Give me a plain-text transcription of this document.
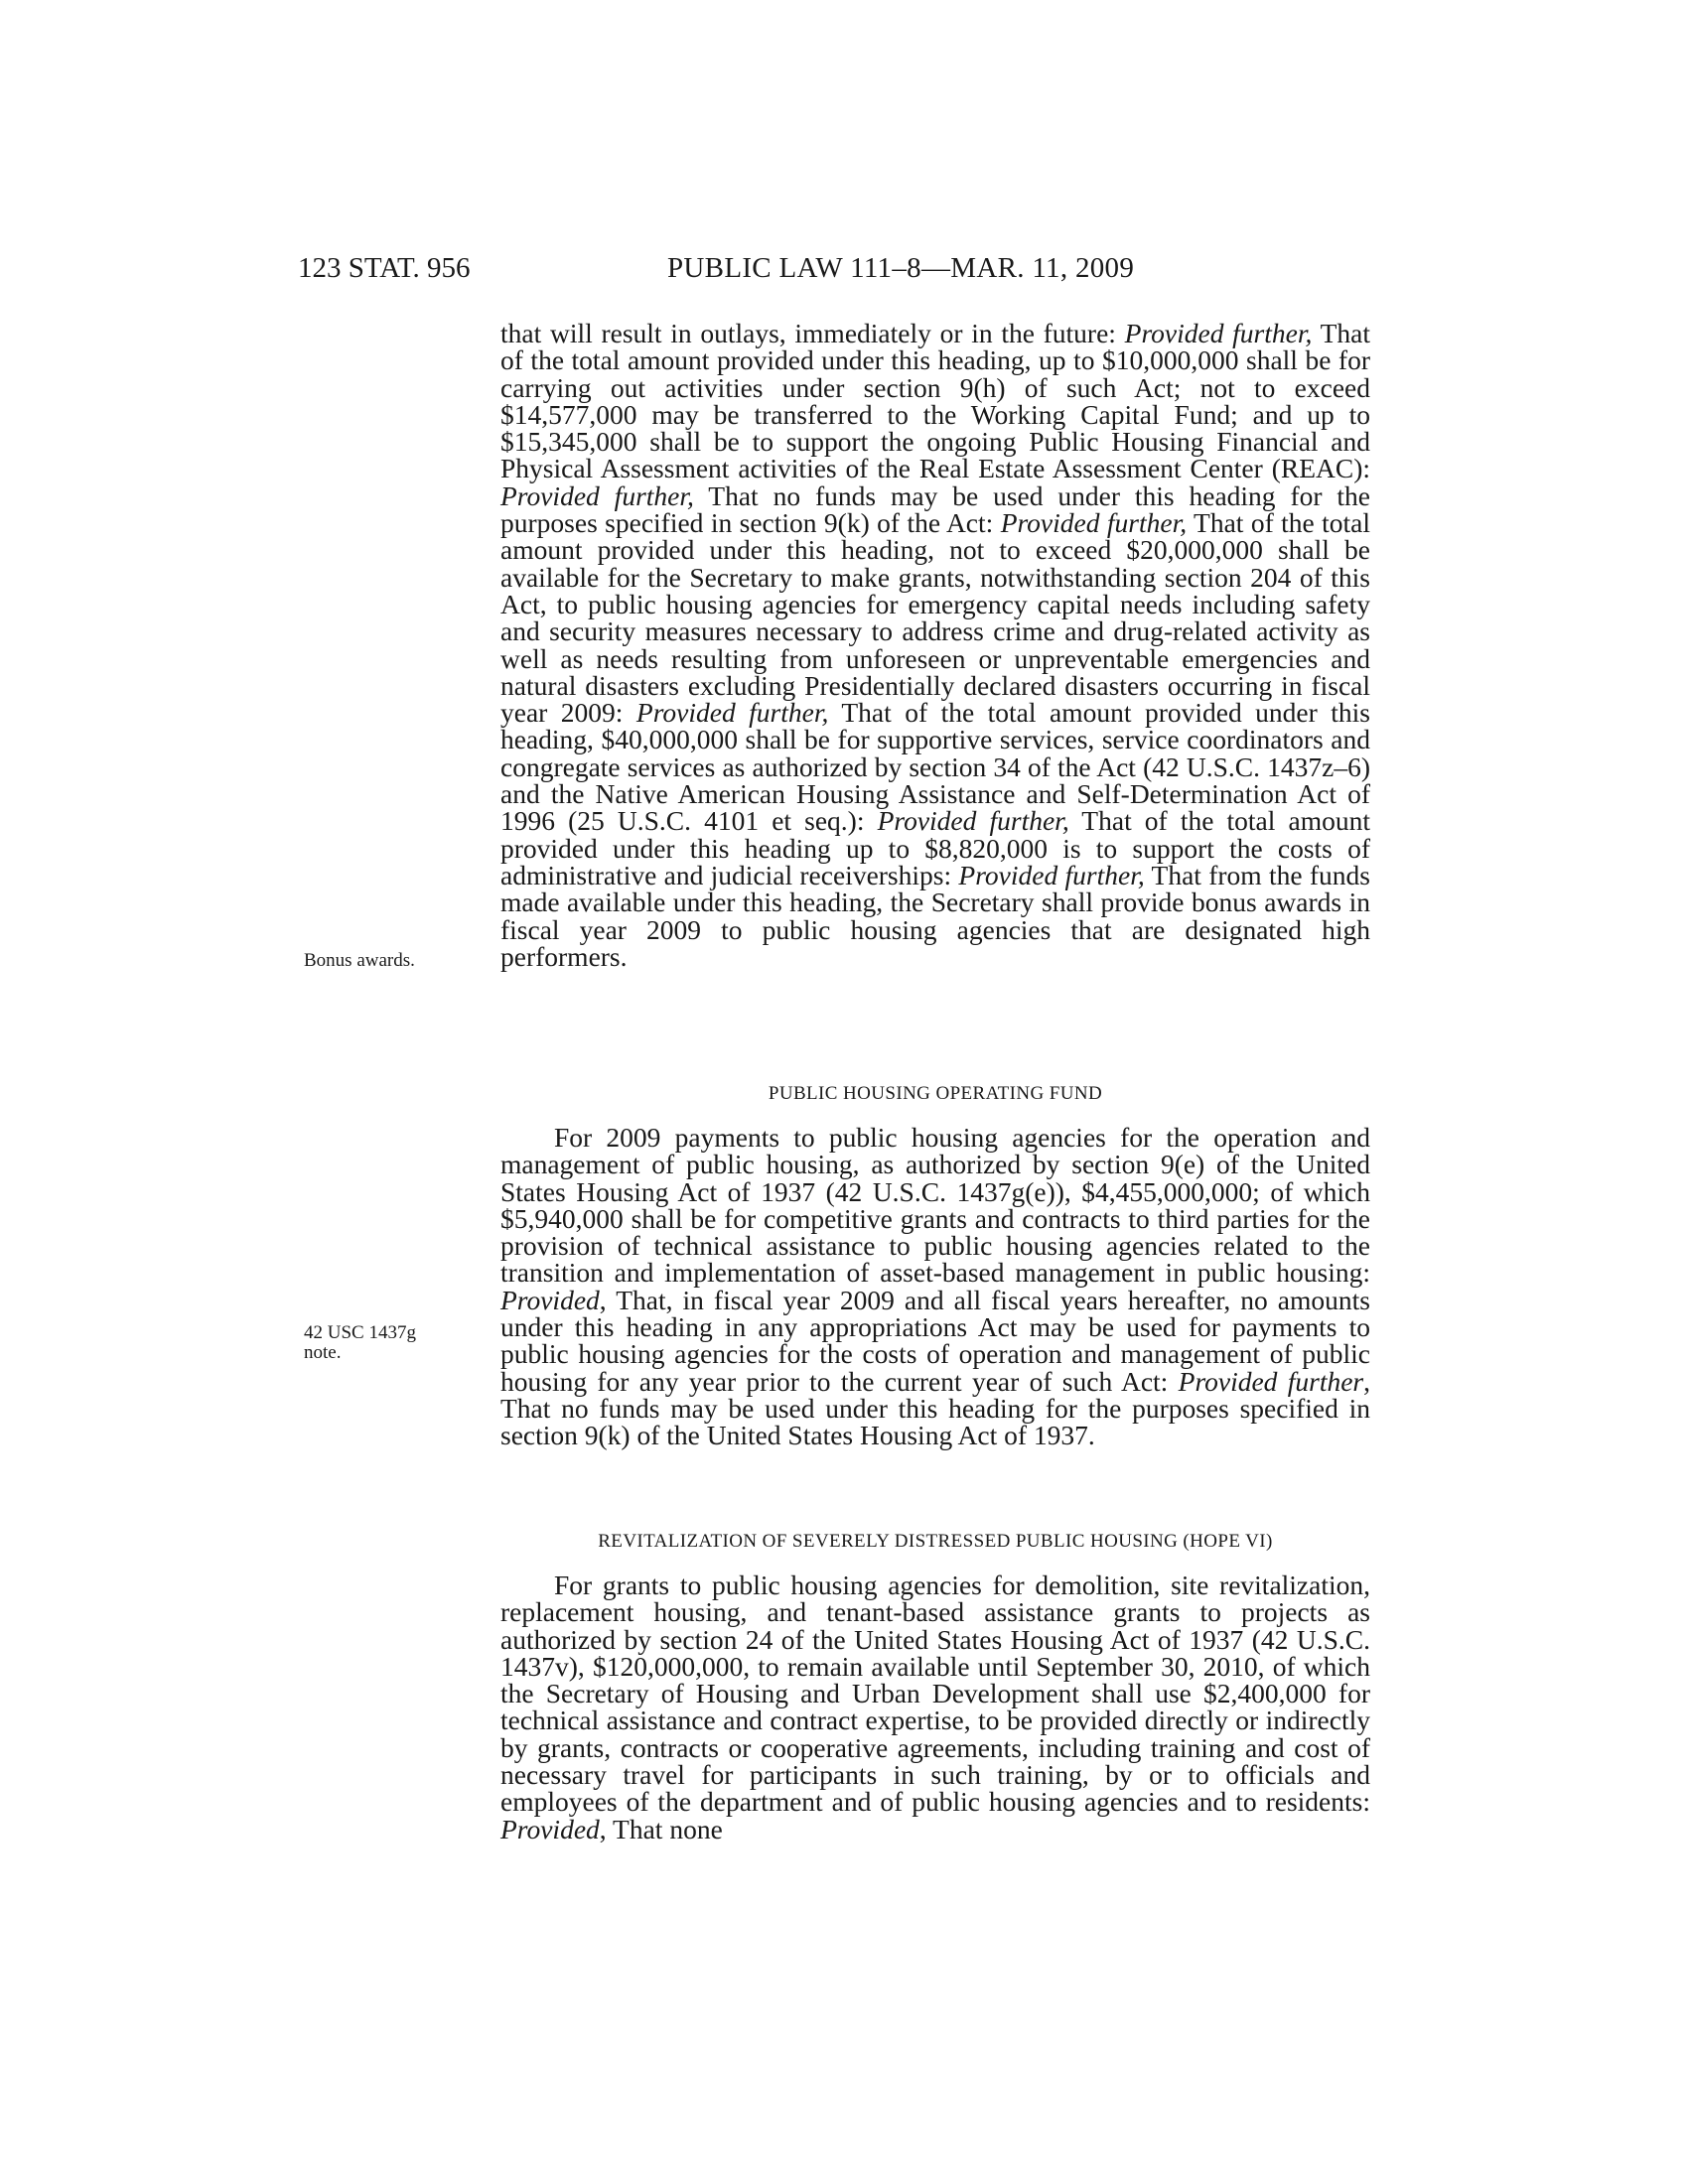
123 STAT. 956	PUBLIC LAW 111–8—MAR. 11, 2009
Bonus awards.
42 USC 1437g
note.

that will result in outlays, immediately or in the future: Provided further, That of the total amount provided under this heading, up to $10,000,000 shall be for carrying out activities under section 9(h) of such Act; not to exceed $14,577,000 may be transferred to the Working Capital Fund; and up to $15,345,000 shall be to support the ongoing Public Housing Financial and Physical Assessment activities of the Real Estate Assessment Center (REAC): Provided further, That no funds may be used under this heading for the purposes specified in section 9(k) of the Act: Provided further, That of the total amount provided under this heading, not to exceed $20,000,000 shall be available for the Secretary to make grants, notwithstanding section 204 of this Act, to public housing agencies for emergency capital needs including safety and security measures necessary to address crime and drug-related activity as well as needs resulting from unforeseen or unpreventable emergencies and natural disasters excluding Presidentially declared disasters occurring in fiscal year 2009: Provided further, That of the total amount provided under this heading, $40,000,000 shall be for supportive services, service coordinators and congregate services as authorized by section 34 of the Act (42 U.S.C. 1437z–6) and the Native American Housing Assistance and Self-Determination Act of 1996 (25 U.S.C. 4101 et seq.): Provided further, That of the total amount provided under this heading up to $8,820,000 is to support the costs of administrative and judicial receiverships: Provided further, That from the funds made available under this heading, the Secretary shall provide bonus awards in fiscal year 2009 to public housing agencies that are designated high performers.

PUBLIC HOUSING OPERATING FUND

For 2009 payments to public housing agencies for the operation and management of public housing, as authorized by section 9(e) of the United States Housing Act of 1937 (42 U.S.C. 1437g(e)), $4,455,000,000; of which $5,940,000 shall be for competitive grants and contracts to third parties for the provision of technical assistance to public housing agencies related to the transition and implementation of asset-based management in public housing: Provided, That, in fiscal year 2009 and all fiscal years hereafter, no amounts under this heading in any appropriations Act may be used for payments to public housing agencies for the costs of operation and management of public housing for any year prior to the current year of such Act: Provided further, That no funds may be used under this heading for the purposes specified in section 9(k) of the United States Housing Act of 1937.

REVITALIZATION OF SEVERELY DISTRESSED PUBLIC HOUSING (HOPE VI)

For grants to public housing agencies for demolition, site revitalization, replacement housing, and tenant-based assistance grants to projects as authorized by section 24 of the United States Housing Act of 1937 (42 U.S.C. 1437v), $120,000,000, to remain available until September 30, 2010, of which the Secretary of Housing and Urban Development shall use $2,400,000 for technical assistance and contract expertise, to be provided directly or indirectly by grants, contracts or cooperative agreements, including training and cost of necessary travel for participants in such training, by or to officials and employees of the department and of public housing agencies and to residents: Provided, That none
